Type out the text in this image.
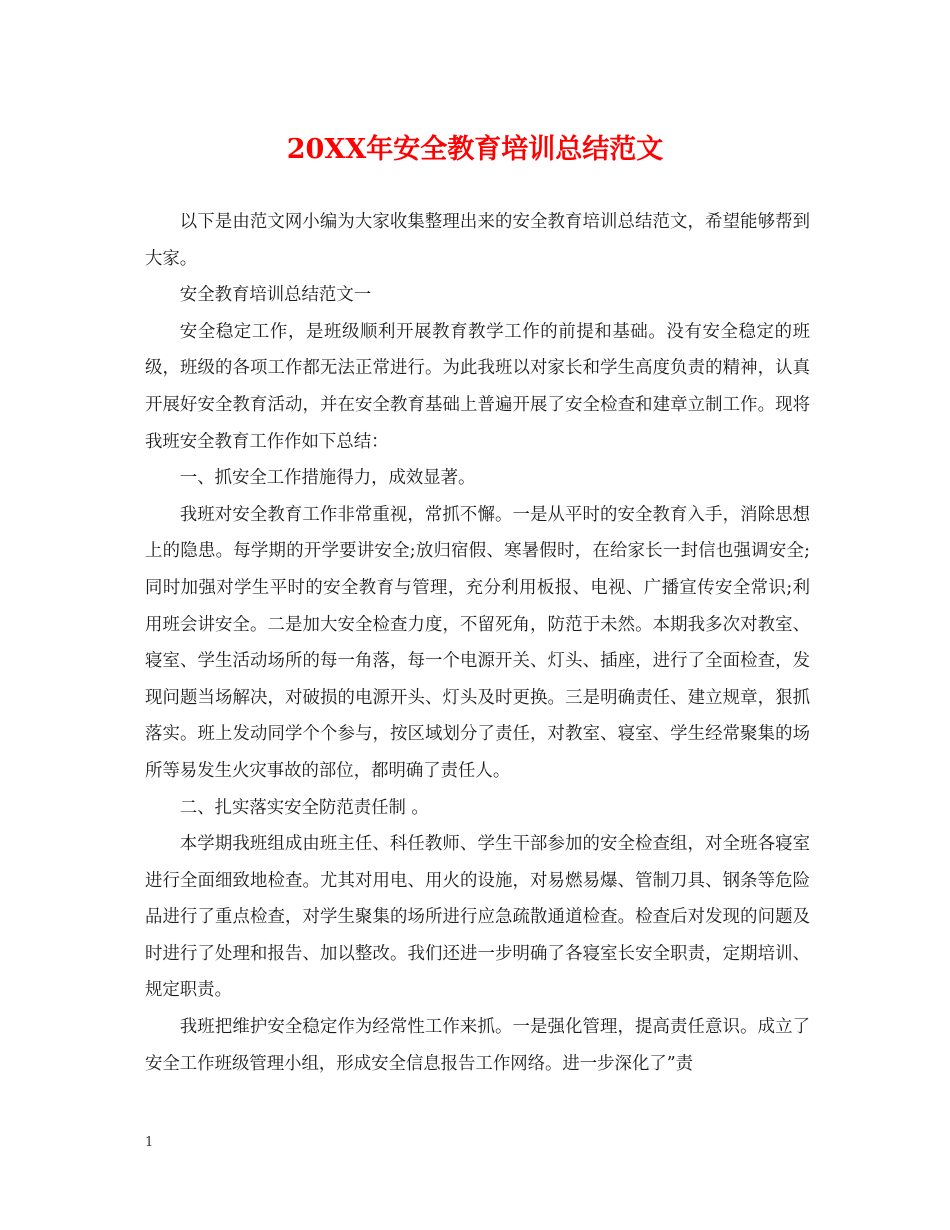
20XX年安全教育培训总结范文

以下是由范文网小编为大家收集整理出来的安全教育培训总结范文，希望能够帮到大家。

安全教育培训总结范文一

安全稳定工作，是班级顺利开展教育教学工作的前提和基础。没有安全稳定的班级，班级的各项工作都无法正常进行。为此我班以对家长和学生高度负责的精神，认真开展好安全教育活动，并在安全教育基础上普遍开展了安全检查和建章立制工作。现将我班安全教育工作作如下总结：

一、抓安全工作措施得力，成效显著。

我班对安全教育工作非常重视，常抓不懈。一是从平时的安全教育入手，消除思想上的隐患。每学期的开学要讲安全;放归宿假、寒暑假时，在给家长一封信也强调安全;同时加强对学生平时的安全教育与管理，充分利用板报、电视、广播宣传安全常识;利用班会讲安全。二是加大安全检查力度，不留死角，防范于未然。本期我多次对教室、寝室、学生活动场所的每一角落，每一个电源开关、灯头、插座，进行了全面检查，发现问题当场解决，对破损的电源开头、灯头及时更换。三是明确责任、建立规章，狠抓落实。班上发动同学个个参与，按区域划分了责任，对教室、寝室、学生经常聚集的场所等易发生火灾事故的部位，都明确了责任人。

二、扎实落实安全防范责任制 。

本学期我班组成由班主任、科任教师、学生干部参加的安全检查组，对全班各寝室进行全面细致地检查。尤其对用电、用火的设施，对易燃易爆、管制刀具、钢条等危险品进行了重点检查，对学生聚集的场所进行应急疏散通道检查。检查后对发现的问题及时进行了处理和报告、加以整改。我们还进一步明确了各寝室长安全职责，定期培训、规定职责。

我班把维护安全稳定作为经常性工作来抓。一是强化管理，提高责任意识。成立了安全工作班级管理小组，形成安全信息报告工作网络。进一步深化了”责

1
